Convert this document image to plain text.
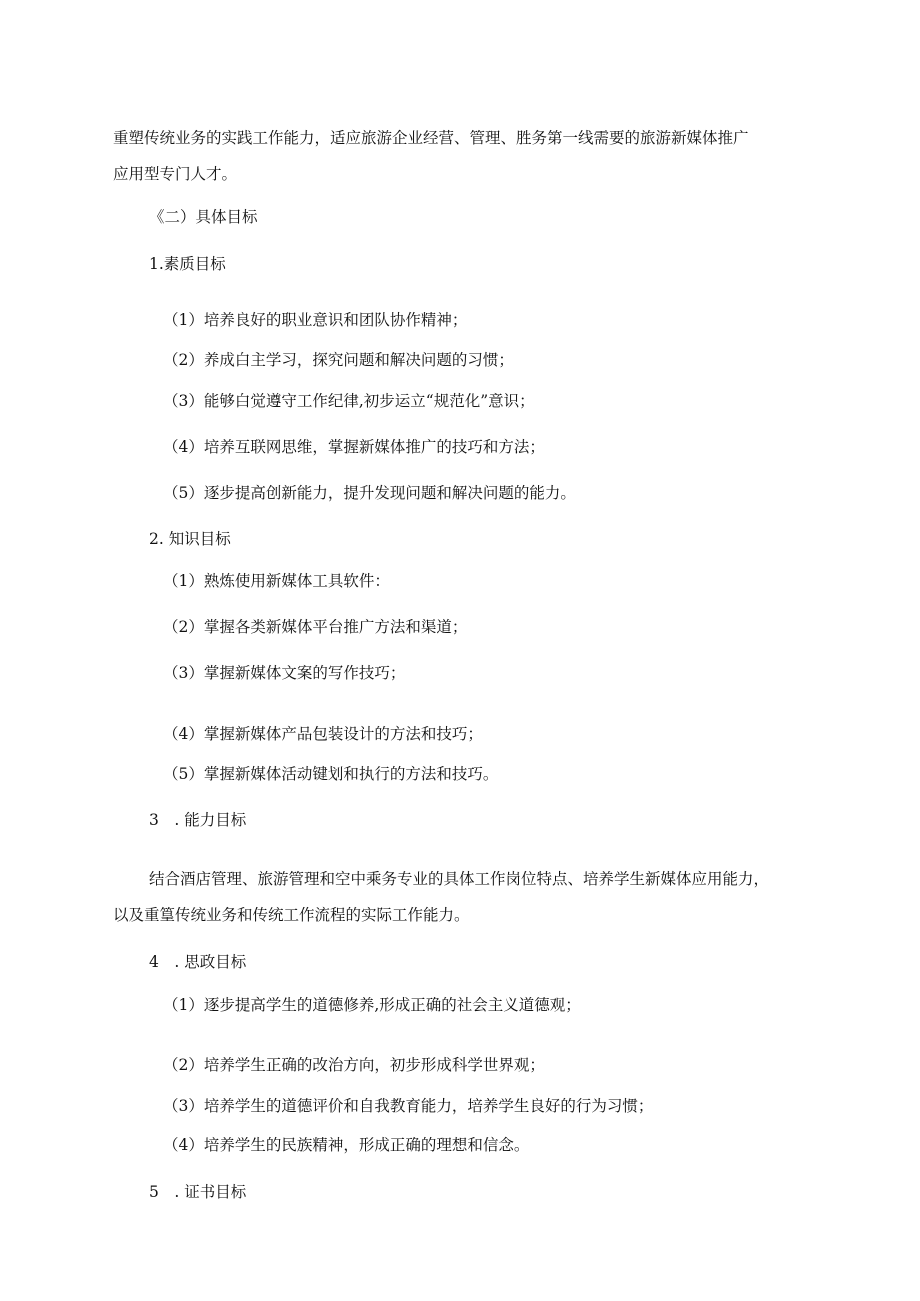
重塑传统业务的实践工作能力，适应旅游企业经营、管理、胜务第一线需要的旅游新媒体推广
应用型专门人才。
《二）具体目标
1.素质目标
（1）培养良好的职业意识和团队协作精神；
（2）养成白主学习，探究问题和解决问题的习惯；
（3）能够白觉遵守工作纪律,初步运立“规范化”意识；
（4）培养互联网思维，掌握新媒体推广的技巧和方法；
（5）逐步提高创新能力，提升发现问题和解决问题的能力。
2. 知识目标
（1）熟炼使用新媒体工具软件：
（2）掌握各类新媒体平台推广方法和渠道；
（3）掌握新媒体文案的写作技巧；
（4）掌握新媒体产品包装设计的方法和技巧；
（5）掌握新媒体活动键划和执行的方法和技巧。
3　. 能力目标
结合酒店管理、旅游管理和空中乘务专业的具体工作岗位特点、培养学生新媒体应用能力，
以及重篁传统业务和传统工作流程的实际工作能力。
4　. 思政目标
（1）逐步提高学生的道德修养,形成正确的社会主义道德观；
（2）培养学生正确的改治方向，初步形成科学世界观；
（3）培养学生的道德评价和自我教育能力，培养学生良好的行为习惯；
（4）培养学生的民族精神，形成正确的理想和信念。
5　. 证书目标
